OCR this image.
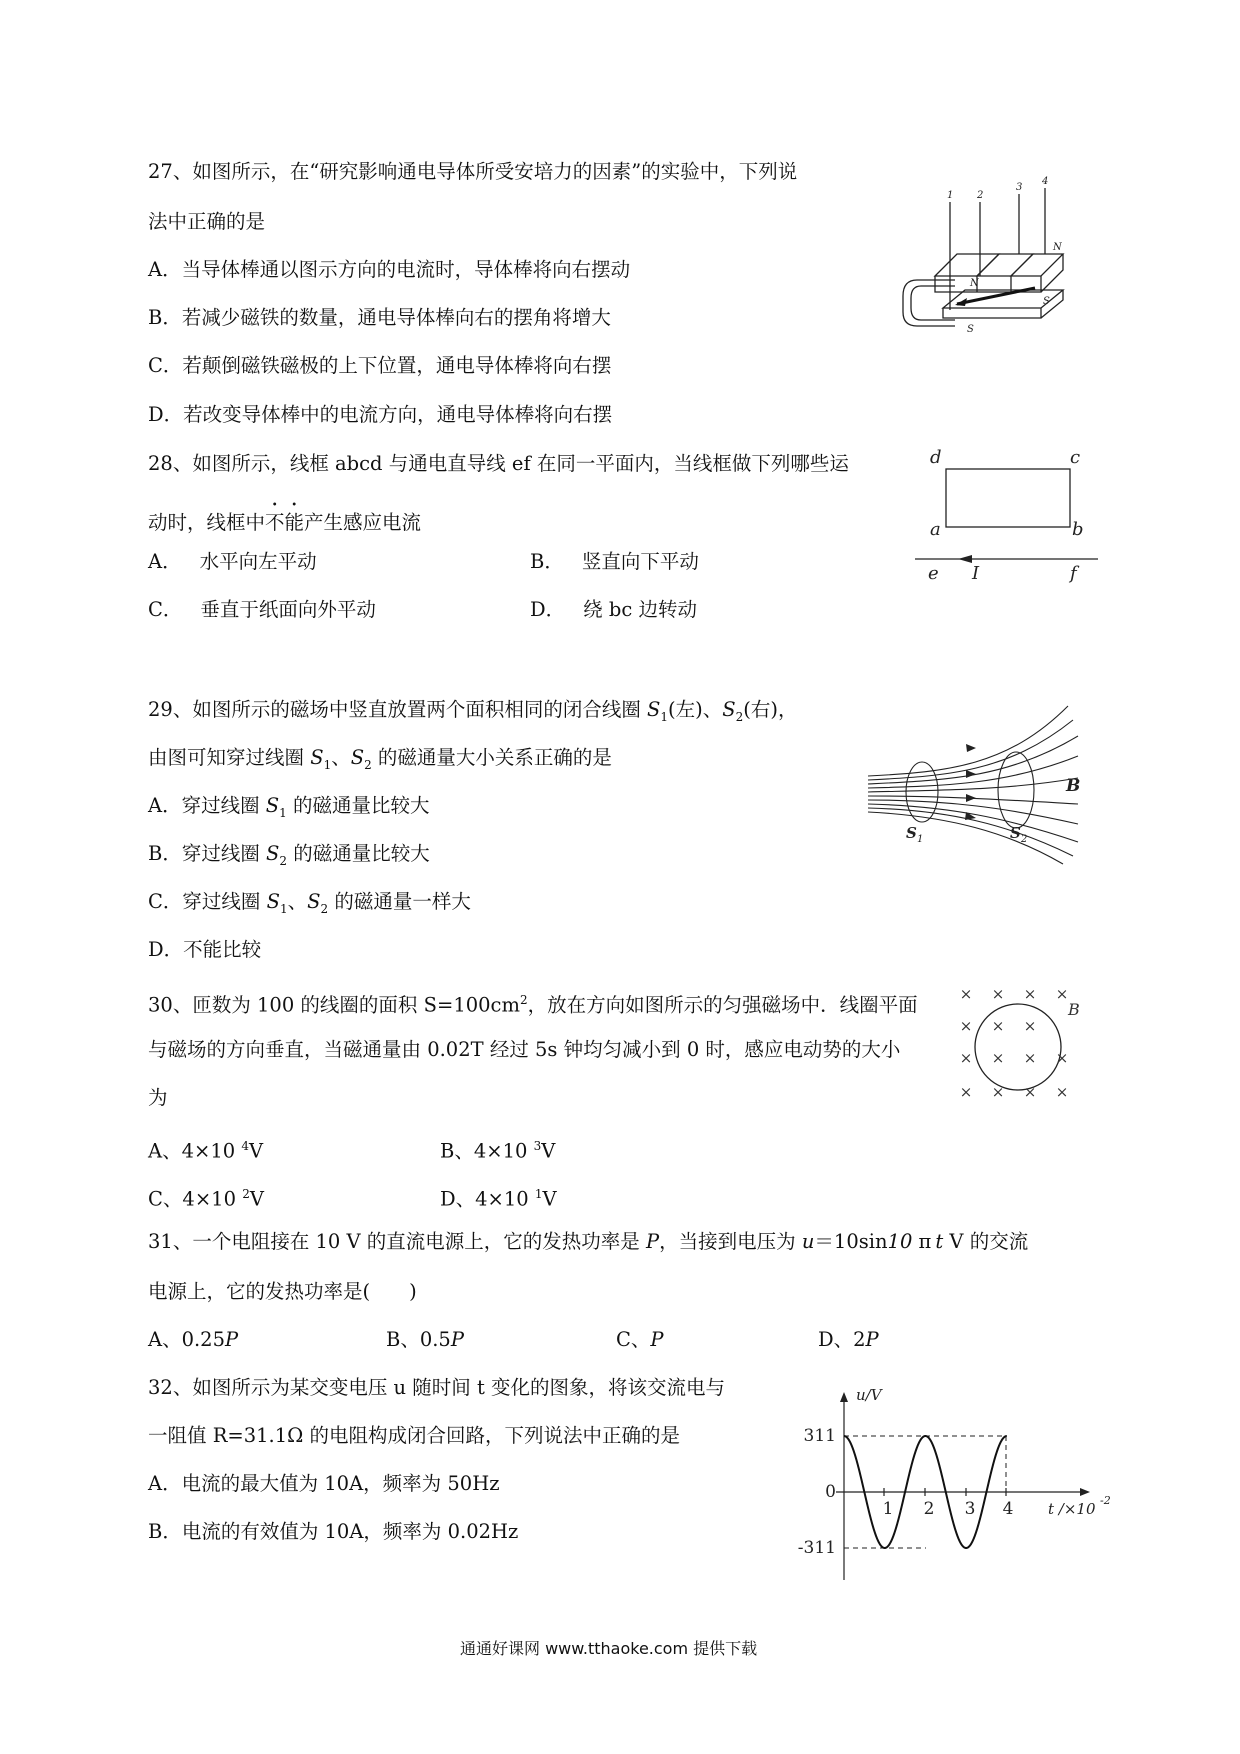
27、如图所示，在“研究影响通电导体所受安培力的因素”的实验中，下列说
法中正确的是
A．当导体棒通以图示方向的电流时，导体棒将向右摆动
B．若减少磁铁的数量，通电导体棒向右的摆角将增大
C．若颠倒磁铁磁极的上下位置，通电导体棒将向右摆
D．若改变导体棒中的电流方向，通电导体棒将向右摆
1 2
3
4
N
N
S
S
28、如图所示，线框 abcd 与通电直导线 ef 在同一平面内，当线框做下列哪些运
动时，线框中不能产生感应电流
A． 水平向左平动	B． 竖直向下平动
C． 垂直于纸面向外平动	D． 绕 bc 边转动
d	c
a	b
e I	f
29、如图所示的磁场中竖直放置两个面积相同的闭合线圈 $S_1$(左)、$S_2$(右)，
由图可知穿过线圈 $S_1$、$S_2$ 的磁通量大小关系正确的是
A．穿过线圈 $S_1$ 的磁通量比较大
B．穿过线圈 $S_2$ 的磁通量比较大
C．穿过线圈 $S_1$、$S_2$ 的磁通量一样大
D．不能比较
B
S 1	S 2
30、匝数为 100 的线圈的面积 $S=100cm^2$，放在方向如图所示的匀强磁场中．线圈平面
与磁场的方向垂直，当磁通量由 0.02T 经过 5s 钟均匀减小到 0 时，感应电动势的大小
为
A、4×10 $^4$V	B、4×10 $^3$V
C、4×10 $^2$V	D、4×10 $^1$V
× × × ×
× × ×
× × × ×
× × × ×
B
31、一个电阻接在 10 V 的直流电源上，它的发热功率是 P，当接到电压为 u＝10sin10 π t V 的交流
电源上，它的发热功率是(　　)
A、0.25P	B、0.5P	C、P	D、2P
32、如图所示为某交变电压 u 随时间 t 变化的图象，将该交流电与
一阻值 R=31.1Ω 的电阻构成闭合回路，下列说法中正确的是
A．电流的最大值为 10A，频率为 50Hz
B．电流的有效值为 10A，频率为 0.02Hz
u/V
311
0
-311
1 2 3 4 t /×10 -2
通通好课网 www.tthaoke.com 提供下载
